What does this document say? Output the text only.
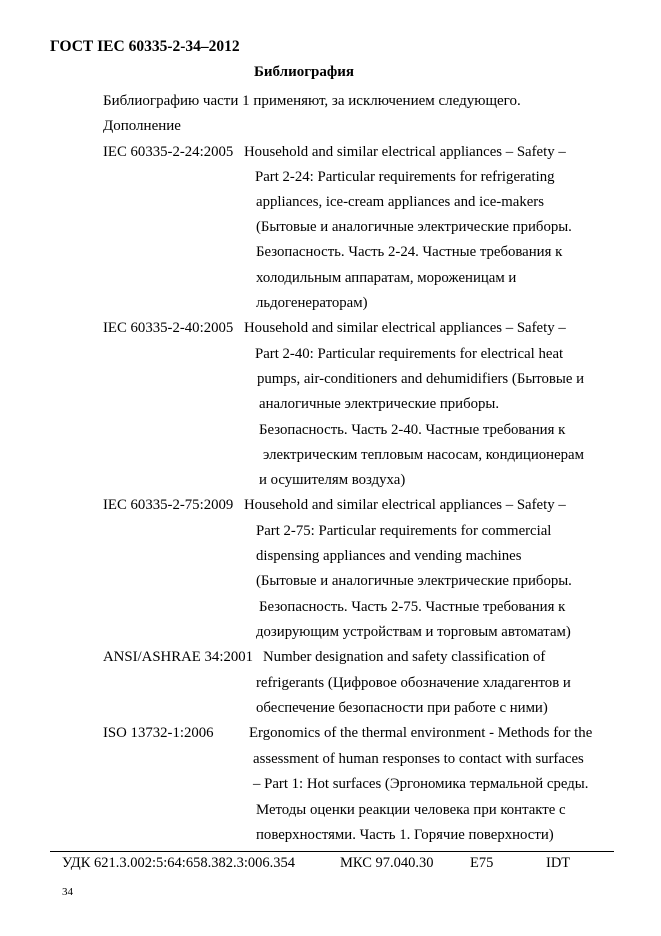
ГОСТ IEC 60335-2-34–2012
Библиография
Библиографию части 1 применяют, за исключением следующего.
Дополнение
IEC 60335-2-24:2005 Household and similar electrical appliances – Safety –
Part 2-24: Particular requirements for refrigerating
appliances, ice-cream appliances and ice-makers
(Бытовые и аналогичные электрические приборы.
Безопасность. Часть 2-24. Частные требования к
холодильным аппаратам, мороженицам и
льдогенераторам)
IEC 60335-2-40:2005 Household and similar electrical appliances – Safety –
Part 2-40: Particular requirements for electrical heat
pumps, air-conditioners and dehumidifiers (Бытовые и
аналогичные электрические приборы.
Безопасность. Часть 2-40. Частные требования к
электрическим тепловым насосам, кондиционерам
и осушителям воздуха)
IEC 60335-2-75:2009 Household and similar electrical appliances – Safety –
Part 2-75: Particular requirements for commercial
dispensing appliances and vending machines
(Бытовые и аналогичные электрические приборы.
Безопасность. Часть 2-75. Частные требования к
дозирующим устройствам и торговым автоматам)
ANSI/ASHRAE 34:2001 Number designation and safety classification of
refrigerants (Цифровое обозначение хладагентов и
обеспечение безопасности при работе с ними)
ISO 13732-1:2006 Ergonomics of the thermal environment - Methods for the
assessment of human responses to contact with surfaces
– Part 1: Hot surfaces (Эргономика термальной среды.
Методы оценки реакции человека при контакте с
поверхностями. Часть 1. Горячие поверхности)
УДК 621.3.002:5:64:658.382.3:006.354	МКС 97.040.30	E75	IDT
34
